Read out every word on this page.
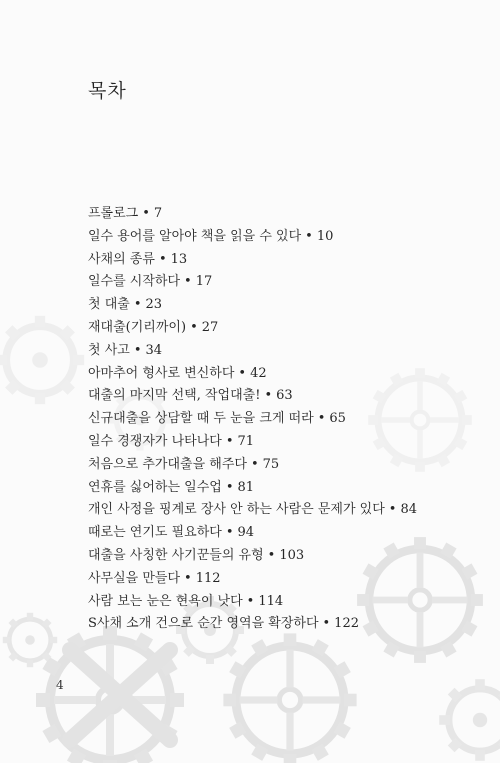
목차
프롤로그 • 7
일수 용어를 알아야 책을 읽을 수 있다 • 10
사채의 종류 • 13
일수를 시작하다 • 17
첫 대출 • 23
재대출(기리까이) • 27
첫 사고 • 34
아마추어 형사로 변신하다 • 42
대출의 마지막 선택, 작업대출! • 63
신규대출을 상담할 때 두 눈을 크게 떠라 • 65
일수 경쟁자가 나타나다 • 71
처음으로 추가대출을 해주다 • 75
연휴를 싫어하는 일수업 • 81
개인 사정을 핑계로 장사 안 하는 사람은 문제가 있다 • 84
때로는 연기도 필요하다 • 94
대출을 사칭한 사기꾼들의 유형 • 103
사무실을 만들다 • 112
사람 보는 눈은 현욕이 낫다 • 114
S사채 소개 건으로 순간 영역을 확장하다 • 122
4
